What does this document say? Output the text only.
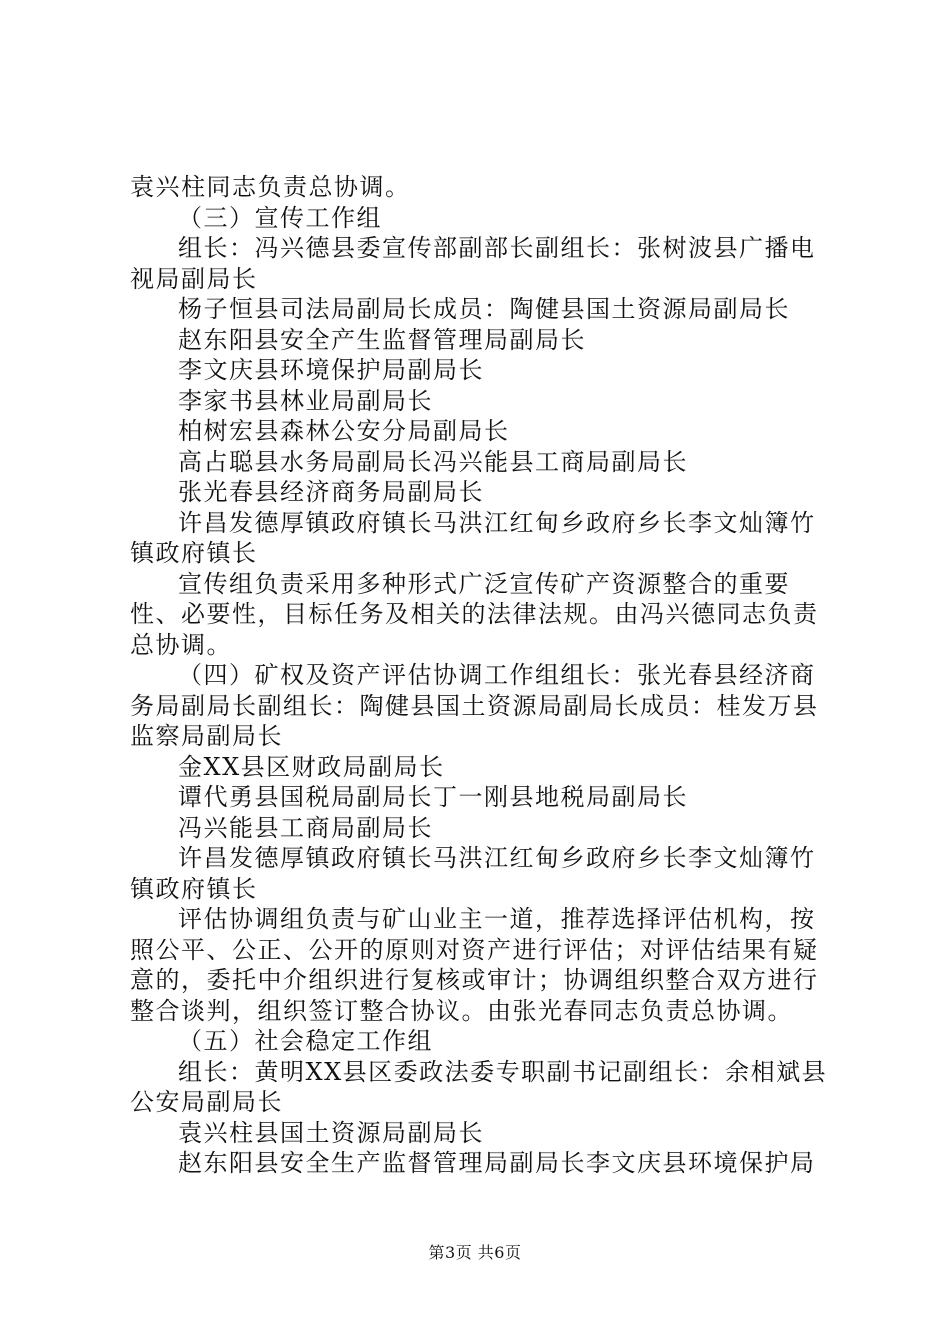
袁兴柱同志负责总协调。

（三）宣传工作组

组长：冯兴德县委宣传部副部长副组长：张树波县广播电视局副局长

杨子恒县司法局副局长成员：陶健县国土资源局副局长

赵东阳县安全产生监督管理局副局长

李文庆县环境保护局副局长

李家书县林业局副局长

柏树宏县森林公安分局副局长

高占聪县水务局副局长冯兴能县工商局副局长

张光春县经济商务局副局长

许昌发德厚镇政府镇长马洪江红甸乡政府乡长李文灿簿竹镇政府镇长

宣传组负责采用多种形式广泛宣传矿产资源整合的重要性、必要性，目标任务及相关的法律法规。由冯兴德同志负责总协调。

（四）矿权及资产评估协调工作组组长：张光春县经济商务局副局长副组长：陶健县国土资源局副局长成员：桂发万县监察局副局长

金XX县区财政局副局长

谭代勇县国税局副局长丁一刚县地税局副局长

冯兴能县工商局副局长

许昌发德厚镇政府镇长马洪江红甸乡政府乡长李文灿簿竹镇政府镇长

评估协调组负责与矿山业主一道，推荐选择评估机构，按照公平、公正、公开的原则对资产进行评估；对评估结果有疑意的，委托中介组织进行复核或审计；协调组织整合双方进行整合谈判，组织签订整合协议。由张光春同志负责总协调。

（五）社会稳定工作组

组长：黄明XX县区委政法委专职副书记副组长：余相斌县公安局副局长

袁兴柱县国土资源局副局长

赵东阳县安全生产监督管理局副局长李文庆县环境保护局

第3页 共6页
